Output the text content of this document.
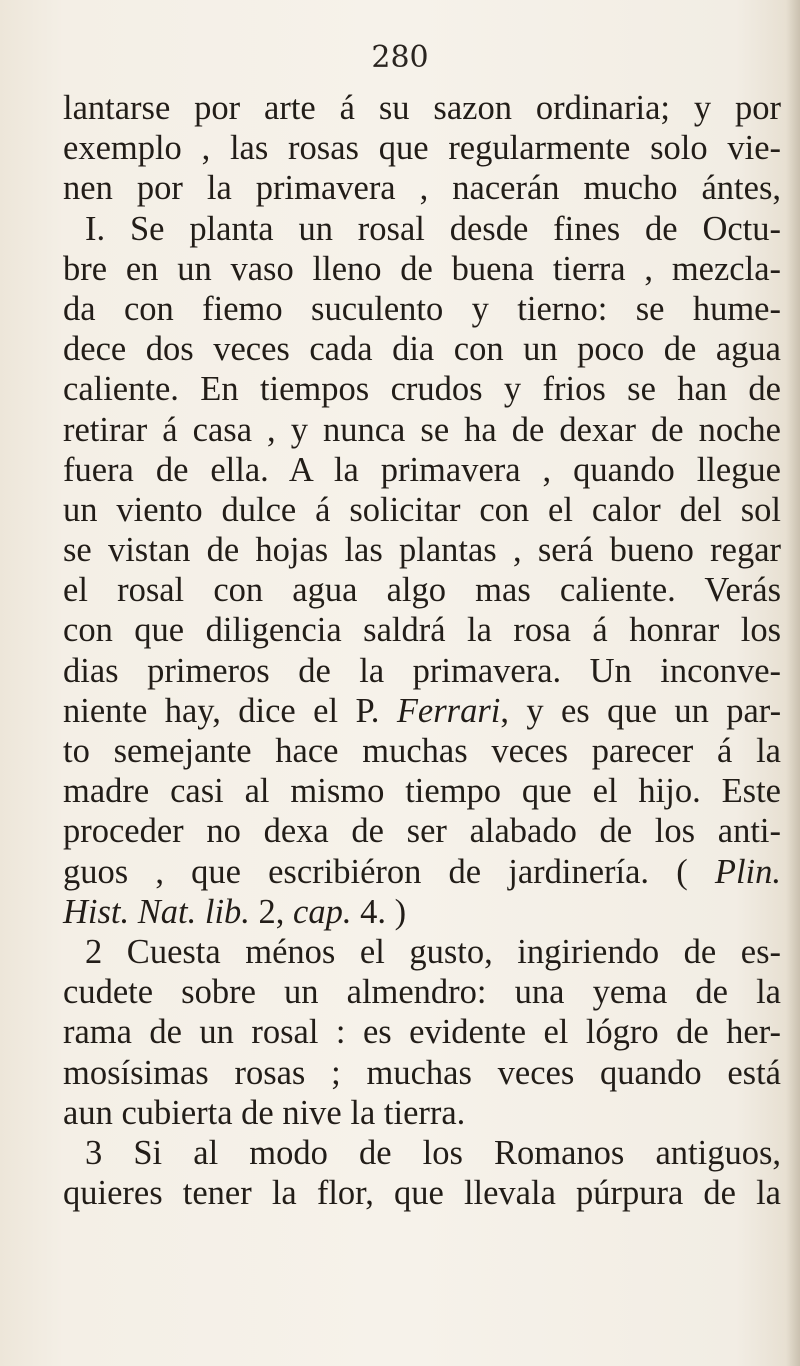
280

lantarse por arte á su sazon ordinaria; y por
exemplo , las rosas que regularmente solo vie-
nen por la primavera , nacerán mucho ántes,
I. Se planta un rosal desde fines de Octu-
bre en un vaso lleno de buena tierra , mezcla-
da con fiemo suculento y tierno: se hume-
dece dos veces cada dia con un poco de agua
caliente. En tiempos crudos y frios se han de
retirar á casa , y nunca se ha de dexar de noche
fuera de ella. A la primavera , quando llegue
un viento dulce á solicitar con el calor del sol
se vistan de hojas las plantas , será bueno regar
el rosal con agua algo mas caliente. Verás
con que diligencia saldrá la rosa á honrar los
dias primeros de la primavera. Un inconve-
niente hay, dice el P. Ferrari, y es que un par-
to semejante hace muchas veces parecer á la
madre casi al mismo tiempo que el hijo. Este
proceder no dexa de ser alabado de los anti-
guos , que escribiéron de jardinería. ( Plin.
Hist. Nat. lib. 2, cap. 4. )
2 Cuesta ménos el gusto, ingiriendo de es-
cudete sobre un almendro: una yema de la
rama de un rosal : es evidente el lógro de her-
mosísimas rosas ; muchas veces quando está
aun cubierta de nive la tierra.
3 Si al modo de los Romanos antiguos,
quieres tener la flor, que llevala púrpura de la
